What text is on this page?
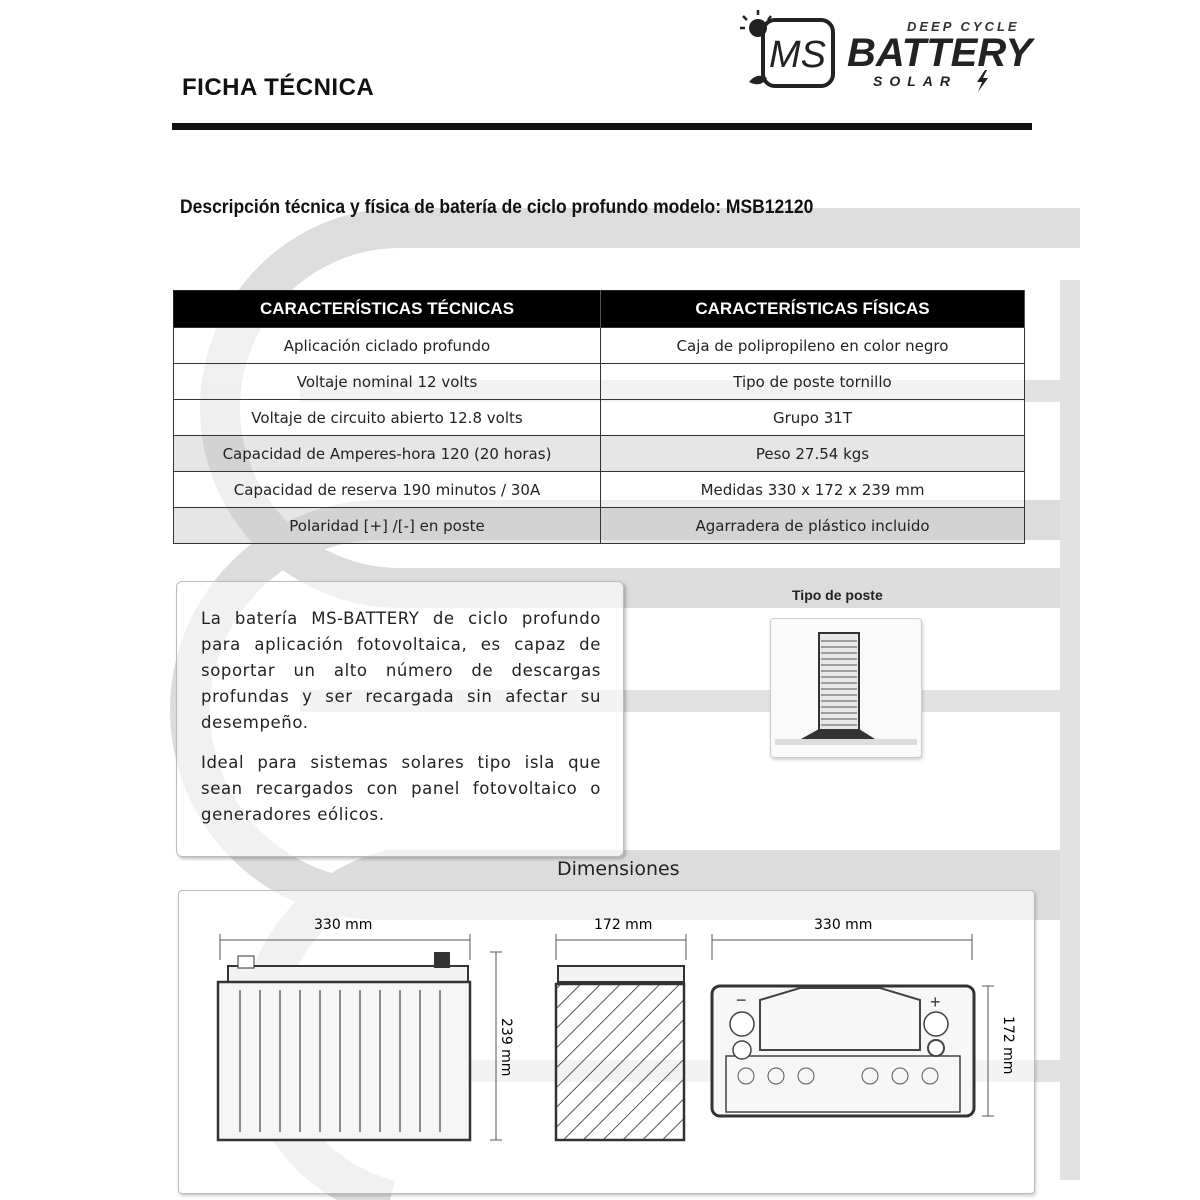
MS
DEEP CYCLE
BATTERY
SOLAR
FICHA TÉCNICA
Descripción técnica y física de batería de ciclo profundo modelo: MSB12120
CARACTERÍSTICAS TÉCNICAS	CARACTERÍSTICAS FÍSICAS
Aplicación ciclado profundo	Caja de polipropileno en color negro
Voltaje nominal 12 volts	Tipo de poste tornillo
Voltaje de circuito abierto 12.8 volts	Grupo 31T
Capacidad de Amperes-hora 120 (20 horas)	Peso 27.54 kgs
Capacidad de reserva 190 minutos / 30A	Medidas 330 x 172 x 239 mm
Polaridad [+] /[-] en poste	Agarradera de plástico incluido
La batería MS-BATTERY de ciclo profundo para aplicación fotovoltaica, es capaz de soportar un alto número de descargas profundas y ser recargada sin afectar su desempeño.
Ideal para sistemas solares tipo isla que sean recargados con panel fotovoltaico o generadores eólicos.
Tipo de poste
Dimensiones
330 mm
239 mm
172 mm	330 mm
−	+
172 mm
